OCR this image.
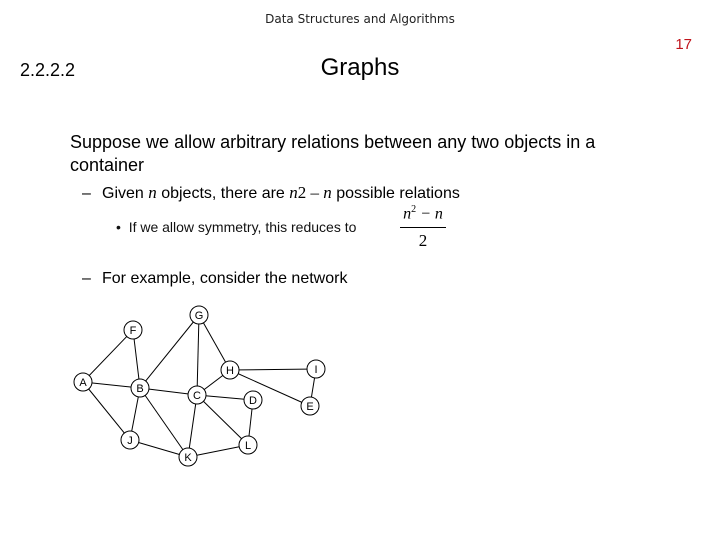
Data Structures and Algorithms
17
2.2.2.2	Graphs
Suppose we allow arbitrary relations between any two objects in a container
– Given n objects, there are n2 – n possible relations
• If we allow symmetry, this reduces to
$n^2 - n$
2
– For example, consider the network
A	B
C	D	E
F
G
H	I
J
K
L
